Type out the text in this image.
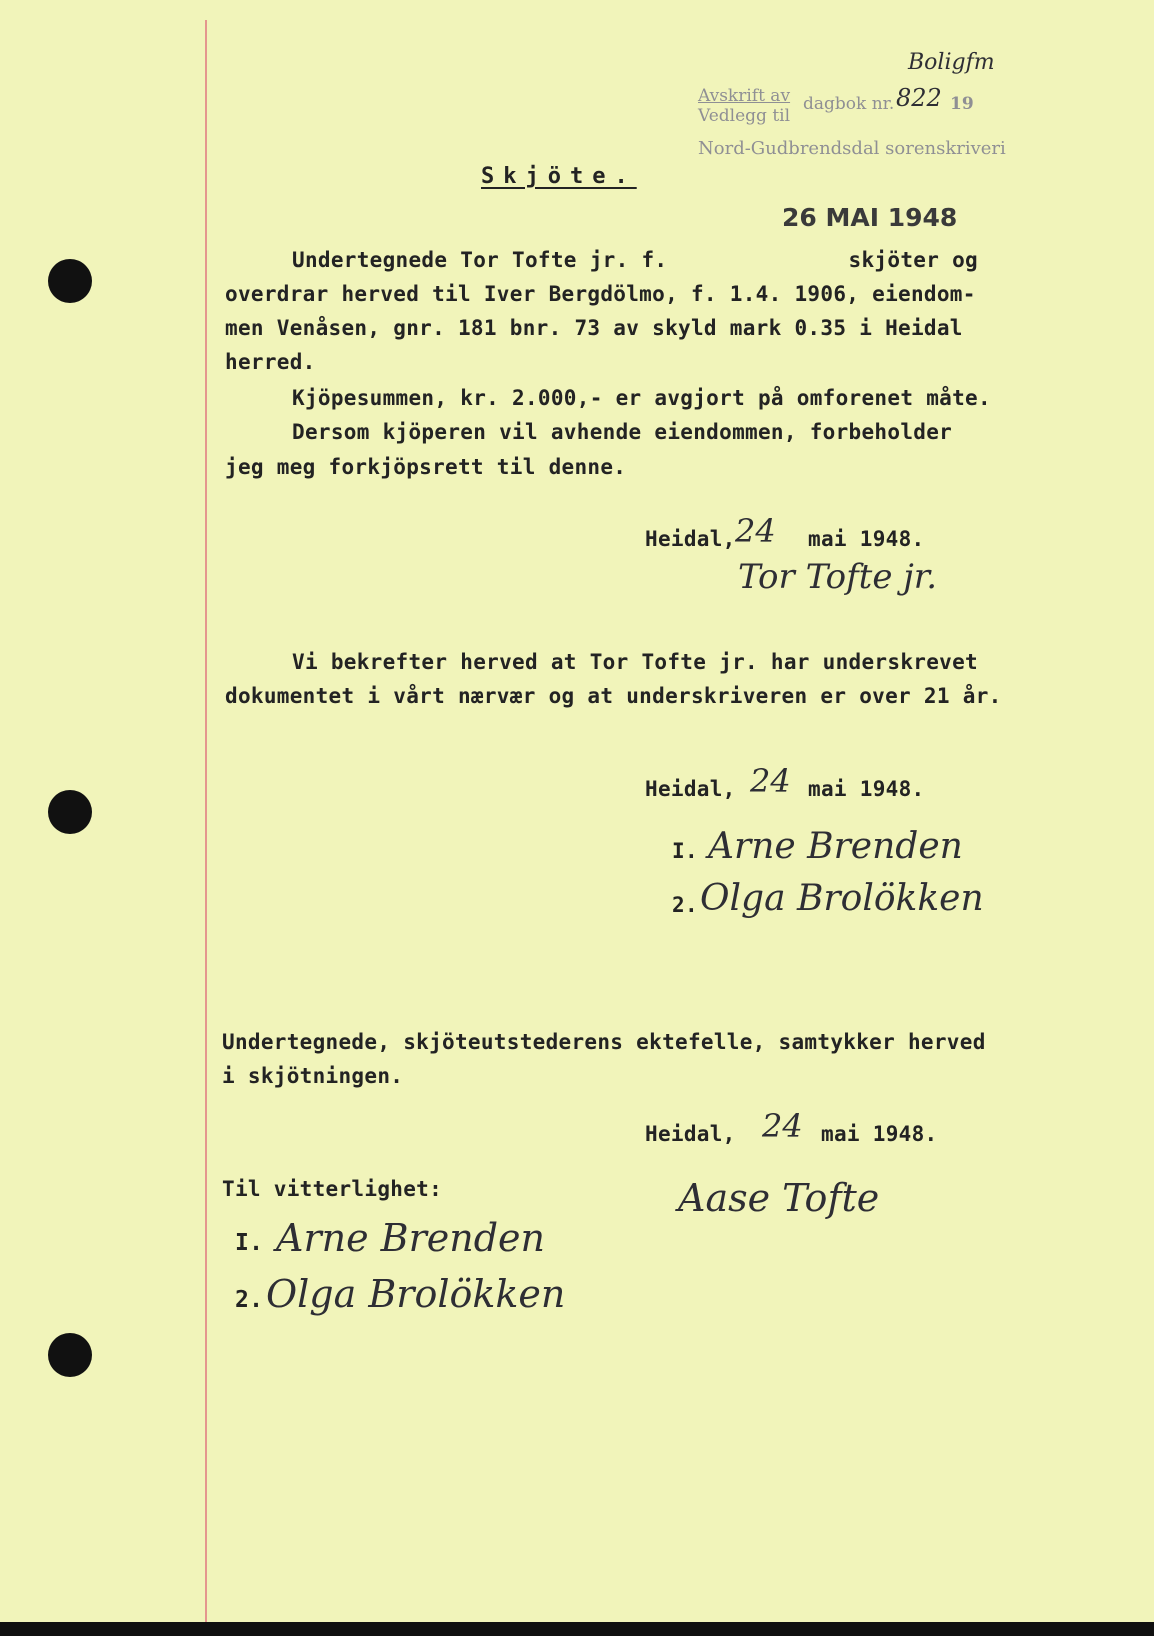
Avskrift av
Vedlegg til
dagbok nr. 822 19
Nord-Gudbrendsdal sorenskriveri
Boligfm
Skjöte.
26 MAI 1948
Undertegnede Tor Tofte jr. f.              skjöter og
overdrar herved til Iver Bergdölmo, f. 1.4. 1906, eiendom-
men Venåsen, gnr. 181 bnr. 73 av skyld mark 0.35 i Heidal
herred.
Kjöpesummen, kr. 2.000,- er avgjort på omforenet måte.
Dersom kjöperen vil avhende eiendommen, forbeholder
jeg meg forkjöpsrett til denne.
Heidal, 24 mai 1948.
Tor Tofte jr.
Vi bekrefter herved at Tor Tofte jr. har underskrevet
dokumentet i vårt nærvær og at underskriveren er over 21 år.
Heidal, 24 mai 1948.
I. Arne Brenden
2. Olga Brolökken
Undertegnede, skjöteutstederens ektefelle, samtykker herved
i skjötningen.
Heidal, 24 mai 1948.
Til vitterlighet:	Aase Tofte
I. Arne Brenden
2. Olga Brolökken
